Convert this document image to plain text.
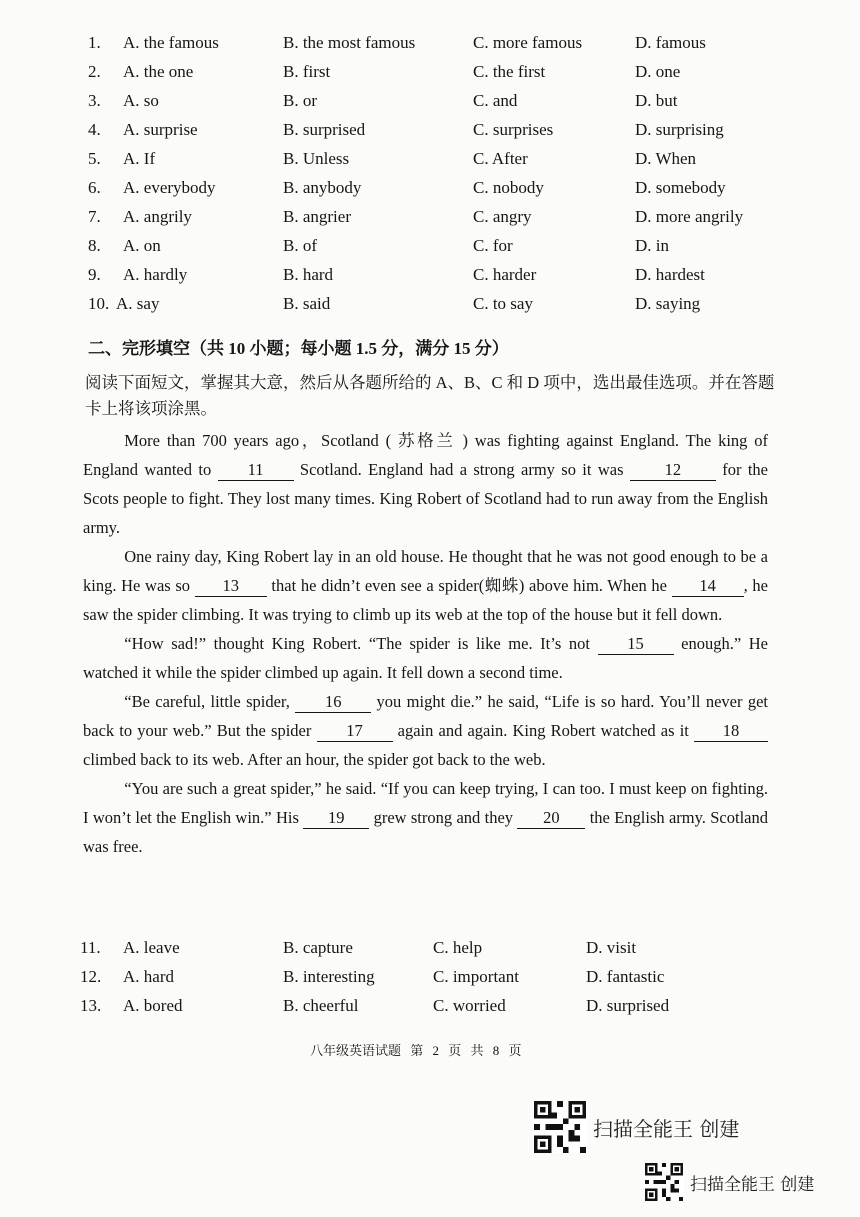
1. A. the famous	B. the most famous	C. more famous	D. famous
2. A. the one	B. first	C. the first	D. one
3. A. so	B. or	C. and	D. but
4. A. surprise	B. surprised	C. surprises	D. surprising
5. A. If	B. Unless	C. After	D. When
6. A. everybody	B. anybody	C. nobody	D. somebody
7. A. angrily	B. angrier	C. angry	D. more angrily
8. A. on	B. of	C. for	D. in
9. A. hardly	B. hard	C. harder	D. hardest
10. A. say	B. said	C. to say	D. saying
二、完形填空（共 10 小题；每小题 1.5 分，满分 15 分）
阅读下面短文，掌握其大意，然后从各题所给的 A、B、C 和 D 项中，选出最佳选项。并在答题卡上将该项涂黑。

More than 700 years ago，Scotland ( 苏格兰 ) was fighting against England. The king of England wanted to 11 Scotland. England had a strong army so it was 12 for the Scots people to fight. They lost many times. King Robert of Scotland had to run away from the English army.

One rainy day, King Robert lay in an old house. He thought that he was not good enough to be a king. He was so 13 that he didn’t even see a spider(蜘蛛) above him. When he 14 , he saw the spider climbing. It was trying to climb up its web at the top of the house but it fell down.

“How sad!” thought King Robert. “The spider is like me. It’s not 15 enough.” He watched it while the spider climbed up again. It fell down a second time.

“Be careful, little spider, 16 you might die.” he said, “Life is so hard. You’ll never get back to your web.” But the spider 17 again and again. King Robert watched as it 18 climbed back to its web. After an hour, the spider got back to the web.

“You are such a great spider,” he said. “If you can keep trying, I can too. I must keep on fighting. I won’t let the English win.” His 19 grew strong and they 20 the English army. Scotland was free.

11. A. leave	B. capture	C. help	D. visit
12. A. hard	B. interesting	C. important	D. fantastic
13. A. bored	B. cheerful	C. worried	D. surprised
八年级英语试题 第 2 页 共 8 页
扫描全能王 创建
扫描全能王 创建
